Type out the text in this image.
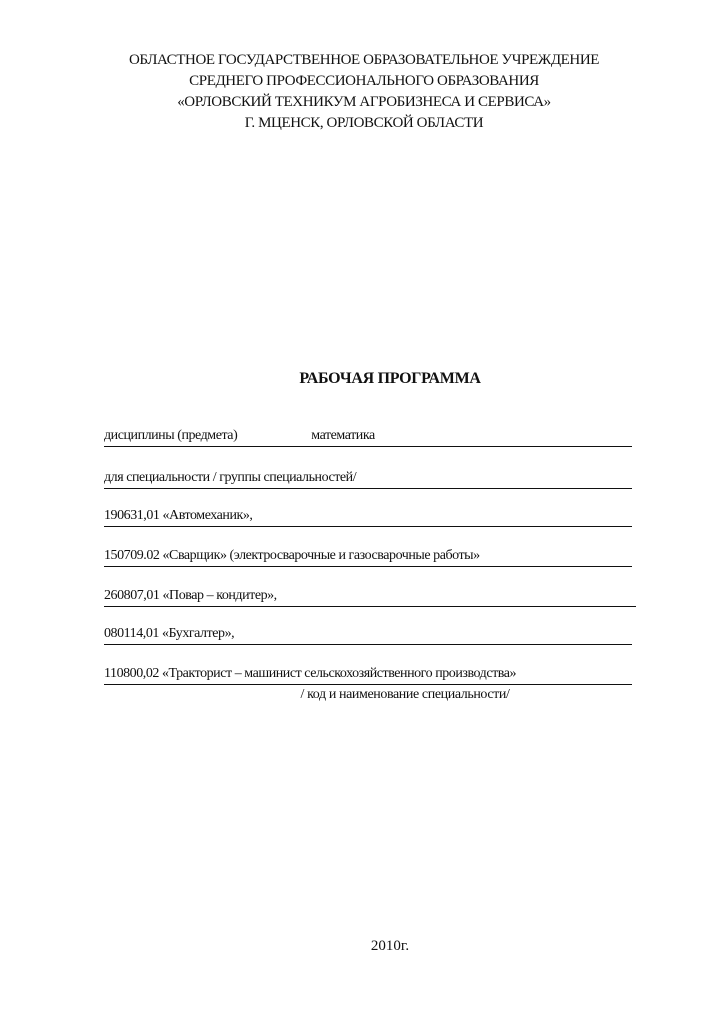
ОБЛАСТНОЕ ГОСУДАРСТВЕННОЕ ОБРАЗОВАТЕЛЬНОЕ УЧРЕЖДЕНИЕ
СРЕДНЕГО ПРОФЕССИОНАЛЬНОГО ОБРАЗОВАНИЯ
«ОРЛОВСКИЙ ТЕХНИКУМ АГРОБИЗНЕСА И СЕРВИСА»
Г. МЦЕНСК, ОРЛОВСКОЙ ОБЛАСТИ
РАБОЧАЯ ПРОГРАММА
дисциплины (предмета)	математика
для специальности / группы специальностей/
190631,01 «Автомеханик»,
150709.02 «Сварщик» (электросварочные и газосварочные работы»
260807,01 «Повар – кондитер»,
080114,01 «Бухгалтер»,
110800,02 «Тракторист – машинист сельскохозяйственного производства»
/ код и наименование специальности/
2010г.
